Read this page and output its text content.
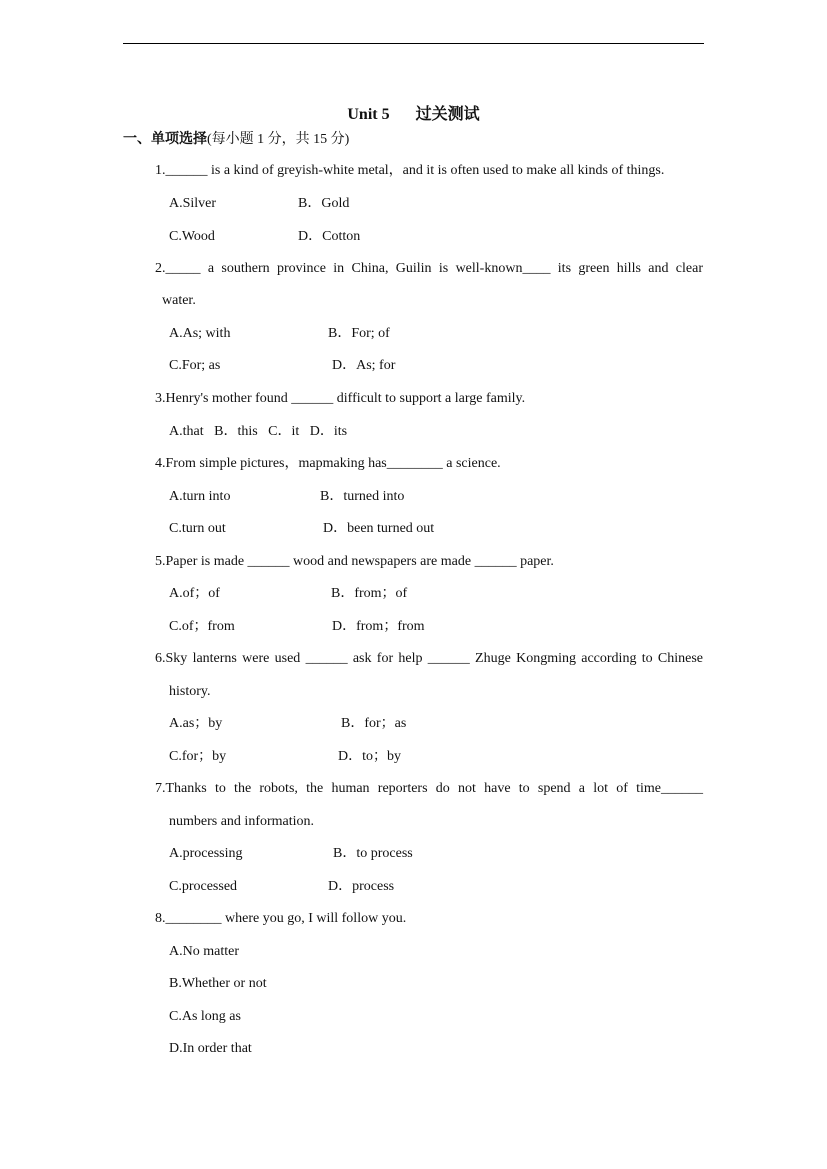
Unit 5 过关测试
一、单项选择(每小题 1 分，共 15 分)
1.______ is a kind of greyish-white metal，and it is often used to make all kinds of things.
A.Silver	B．Gold
C.Wood	D．Cotton
2._____ a southern province in China, Guilin is well-known____ its green hills and clear
water.
A.As; with	B．For; of
C.For; as	D．As; for
3.Henry's mother found ______ difficult to support a large family.
A.that   B．this   C．it   D．its
4.From simple pictures，mapmaking has________ a science.
A.turn into	B．turned into
C.turn out	D．been turned out
5.Paper is made ______ wood and newspapers are made ______ paper.
A.of；of	B．from；of
C.of；from	D．from；from
6.Sky lanterns were used ______ ask for help ______ Zhuge Kongming according to Chinese
history.
A.as；by	B．for；as
C.for；by	D．to；by
7.Thanks to the robots, the human reporters do not have to spend a lot of time______
numbers and information.
A.processing	B．to process
C.processed	D．process
8.________ where you go, I will follow you.
A.No matter
B.Whether or not
C.As long as
D.In order that
